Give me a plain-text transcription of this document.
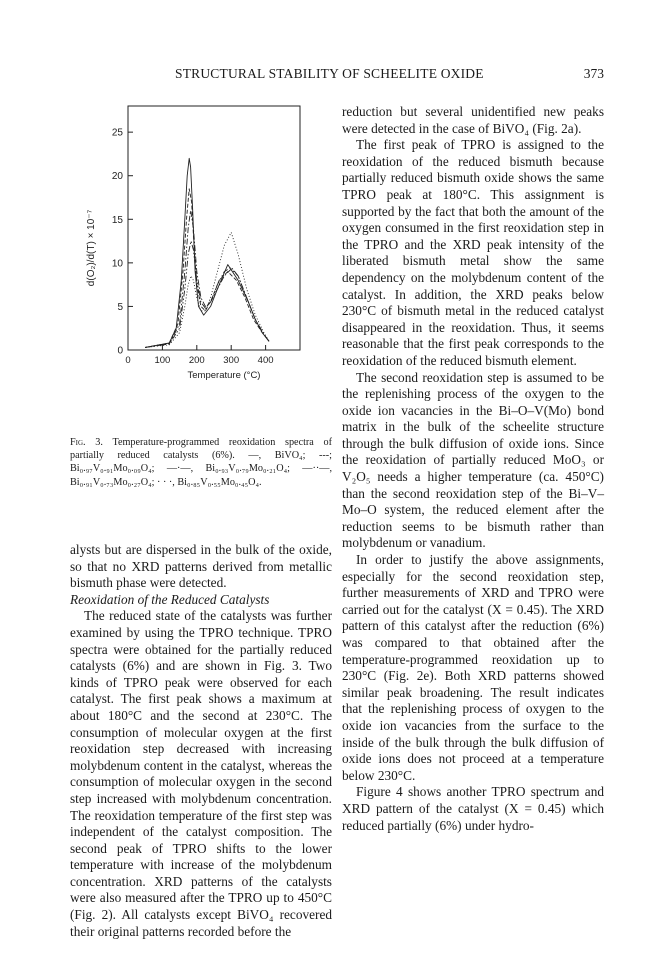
STRUCTURAL STABILITY OF SCHEELITE OXIDE	373
0	100 200 300 400
0
5
10
15
20
25
Temperature (°C)
d(O₂)/d(T) × 10⁻⁷
Fig. 3. Temperature-programmed reoxidation spectra of partially reduced catalysts (6%). —, BiVO₄; ---; Bi₀.₉₇V₀.₉₁Mo₀.₀₉O₄; —·—, Bi₀.₉₃V₀.₇₉Mo₀.₂₁O₄; —··—, Bi₀.₉₁V₀.₇₃Mo₀.₂₇O₄; · · ·, Bi₀.₈₅V₀.₅₅Mo₀.₄₅O₄.

alysts but are dispersed in the bulk of the oxide, so that no XRD patterns derived from metallic bismuth phase were detected.

Reoxidation of the Reduced Catalysts

The reduced state of the catalysts was further examined by using the TPRO technique. TPRO spectra were obtained for the partially reduced catalysts (6%) and are shown in Fig. 3. Two kinds of TPRO peak were observed for each catalyst. The first peak shows a maximum at about 180°C and the second at 230°C. The consumption of molecular oxygen at the first reoxidation step decreased with increasing molybdenum content in the catalyst, whereas the consumption of molecular oxygen in the second step increased with molybdenum concentration. The reoxidation temperature of the first step was independent of the catalyst composition. The second peak of TPRO shifts to the lower temperature with increase of the molybdenum concentration. XRD patterns of the catalysts were also measured after the TPRO up to 450°C (Fig. 2). All catalysts except BiVO₄ recovered their original patterns recorded before the

reduction but several unidentified new peaks were detected in the case of BiVO₄ (Fig. 2a).

The first peak of TPRO is assigned to the reoxidation of the reduced bismuth because partially reduced bismuth oxide shows the same TPRO peak at 180°C. This assignment is supported by the fact that both the amount of the oxygen consumed in the first reoxidation step in the TPRO and the XRD peak intensity of the liberated bismuth metal show the same dependency on the molybdenum content of the catalyst. In addition, the XRD peaks below 230°C of bismuth metal in the reduced catalyst disappeared in the reoxidation. Thus, it seems reasonable that the first peak corresponds to the reoxidation of the reduced bismuth element.

The second reoxidation step is assumed to be the replenishing process of the oxygen to the oxide ion vacancies in the Bi–O–V(Mo) bond matrix in the bulk of the scheelite structure through the bulk diffusion of oxide ions. Since the reoxidation of partially reduced MoO₃ or V₂O₅ needs a higher temperature (ca. 450°C) than the second reoxidation step of the Bi–V–Mo–O system, the reduced element after the reduction seems to be bismuth rather than molybdenum or vanadium.

In order to justify the above assignments, especially for the second reoxidation step, further measurements of XRD and TPRO were carried out for the catalyst (X = 0.45). The XRD pattern of this catalyst after the reduction (6%) was compared to that obtained after the temperature-programmed reoxidation up to 230°C (Fig. 2e). Both XRD patterns showed similar peak broadening. The result indicates that the replenishing process of oxygen to the oxide ion vacancies from the surface to the inside of the bulk through the bulk diffusion of oxide ions does not proceed at a temperature below 230°C.

Figure 4 shows another TPRO spectrum and XRD pattern of the catalyst (X = 0.45) which reduced partially (6%) under hydro-
